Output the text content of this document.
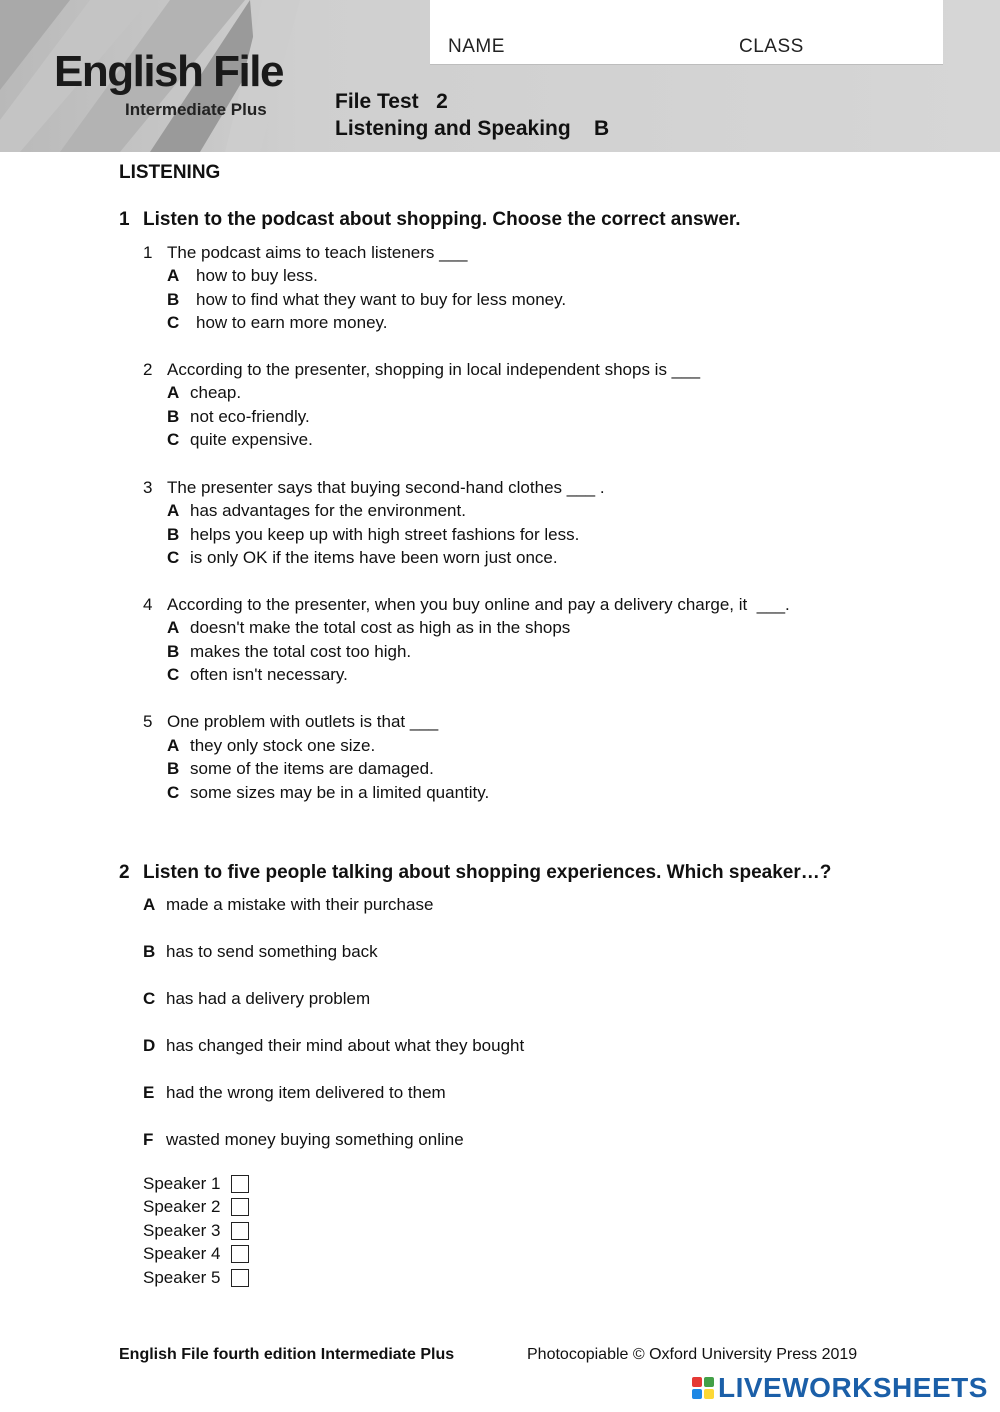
NAME	CLASS
English File
Intermediate Plus	File Test   2
Listening and Speaking    B
LISTENING
1 Listen to the podcast about shopping. Choose the correct answer.
1 The podcast aims to teach listeners ___
A how to buy less.
B how to find what they want to buy for less money.
C how to earn more money.
2 According to the presenter, shopping in local independent shops is ___
A cheap.
B not eco-friendly.
C quite expensive.
3 The presenter says that buying second-hand clothes ___ .
A has advantages for the environment.
B helps you keep up with high street fashions for less.
C is only OK if the items have been worn just once.
4 According to the presenter, when you buy online and pay a delivery charge, it  ___.
A doesn't make the total cost as high as in the shops
B makes the total cost too high.
C often isn't necessary.
5 One problem with outlets is that ___
A they only stock one size.
B some of the items are damaged.
C some sizes may be in a limited quantity.
2 Listen to five people talking about shopping experiences. Which speaker…?
A made a mistake with their purchase
B has to send something back
C has had a delivery problem
D has changed their mind about what they bought
E had the wrong item delivered to them
F wasted money buying something online
Speaker 1
Speaker 2
Speaker 3
Speaker 4
Speaker 5
English File fourth edition Intermediate Plus	Photocopiable © Oxford University Press 2019
LIVEWORKSHEETS
